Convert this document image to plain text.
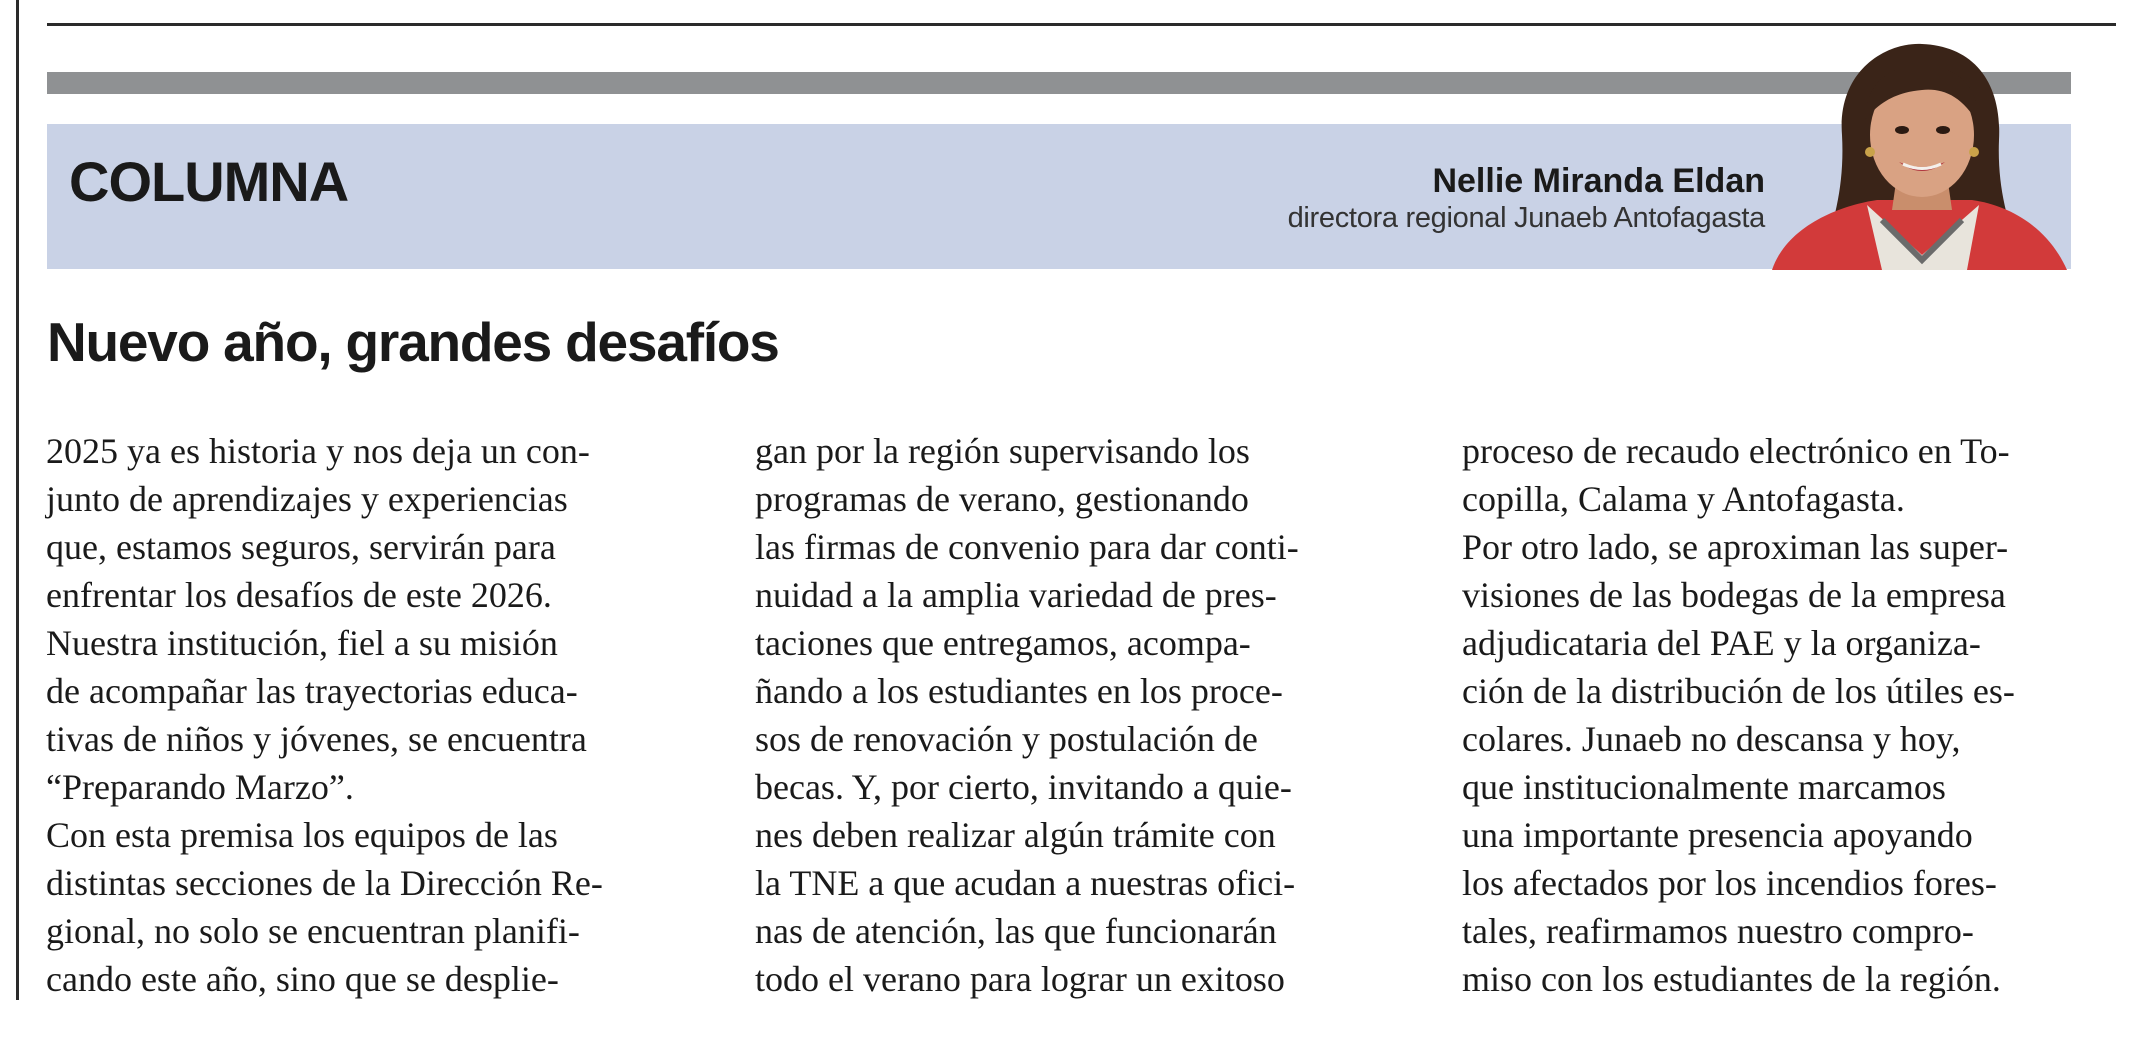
COLUMNA	Nellie Miranda Eldan
directora regional Junaeb Antofagasta
Nuevo año, grandes desafíos
2025 ya es historia y nos deja un con-
junto de aprendizajes y experiencias
que, estamos seguros, servirán para
enfrentar los desafíos de este 2026.
Nuestra institución, fiel a su misión
de acompañar las trayectorias educa-
tivas de niños y jóvenes, se encuentra
“Preparando Marzo”.
Con esta premisa los equipos de las
distintas secciones de la Dirección Re-
gional, no solo se encuentran planifi-
cando este año, sino que se desplie-
gan por la región supervisando los
programas de verano, gestionando
las firmas de convenio para dar conti-
nuidad a la amplia variedad de pres-
taciones que entregamos, acompa-
ñando a los estudiantes en los proce-
sos de renovación y postulación de
becas. Y, por cierto, invitando a quie-
nes deben realizar algún trámite con
la TNE a que acudan a nuestras ofici-
nas de atención, las que funcionarán
todo el verano para lograr un exitoso
proceso de recaudo electrónico en To-
copilla, Calama y Antofagasta.
Por otro lado, se aproximan las super-
visiones de las bodegas de la empresa
adjudicataria del PAE y la organiza-
ción de la distribución de los útiles es-
colares. Junaeb no descansa y hoy,
que institucionalmente marcamos
una importante presencia apoyando
los afectados por los incendios fores-
tales, reafirmamos nuestro compro-
miso con los estudiantes de la región.
